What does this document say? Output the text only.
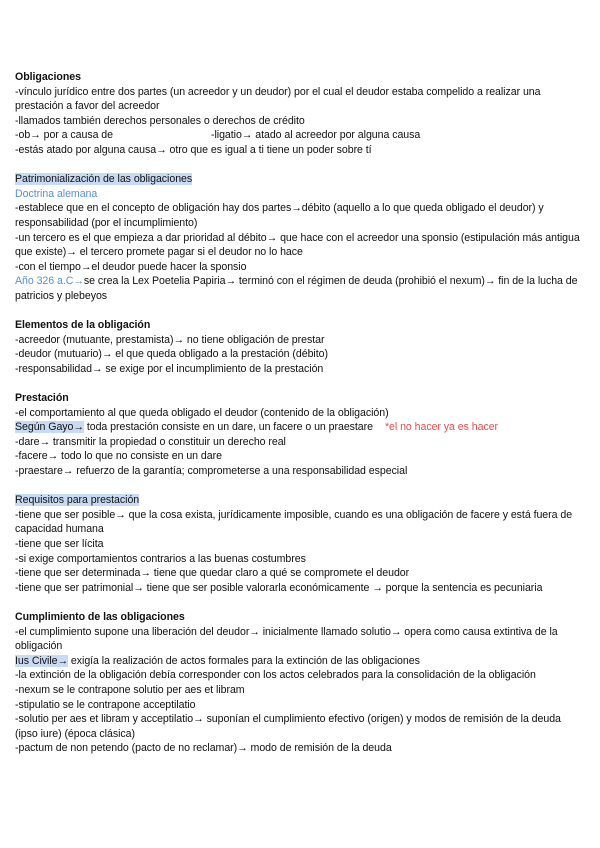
Obligaciones

-vínculo jurídico entre dos partes (un acreedor y un deudor) por el cual el deudor estaba compelido a realizar una prestación a favor del acreedor

-llamados también derechos personales o derechos de crédito

-ob→ por a causa de	-ligatio→ atado al acreedor por alguna causa

-estás atado por alguna causa→ otro que es igual a ti tiene un poder sobre tí

Patrimonialización de las obligaciones

Doctrina alemana

-establece que en el concepto de obligación hay dos partes→débito (aquello a lo que queda obligado el deudor) y responsabilidad (por el incumplimiento)

-un tercero es el que empieza a dar prioridad al débito→ que hace con el acreedor una sponsio (estipulación más antigua que existe)→ el tercero promete pagar si el deudor no lo hace

-con el tiempo→el deudor puede hacer la sponsio

Año 326 a.C→se crea la Lex Poetelia Papiria→ terminó con el régimen de deuda (prohibió el nexum)→ fin de la lucha de patricios y plebeyos

Elementos de la obligación

-acreedor (mutuante, prestamista)→ no tiene obligación de prestar

-deudor (mutuario)→ el que queda obligado a la prestación (débito)

-responsabilidad→ se exige por el incumplimiento de la prestación

Prestación

-el comportamiento al que queda obligado el deudor (contenido de la obligación)

Según Gayo→ toda prestación consiste en un dare, un facere o un praestare *el no hacer ya es hacer

-dare→ transmitir la propiedad o constituir un derecho real

-facere→ todo lo que no consiste en un dare

-praestare→ refuerzo de la garantía; comprometerse a una responsabilidad especial

Requisitos para prestación

-tiene que ser posible→ que la cosa exista, jurídicamente imposible, cuando es una obligación de facere y está fuera de capacidad humana

-tiene que ser lícita

-si exige comportamientos contrarios a las buenas costumbres

-tiene que ser determinada→ tiene que quedar claro a qué se compromete el deudor

-tiene que ser patrimonial→ tiene que ser posible valorarla económicamente → porque la sentencia es pecuniaria

Cumplimiento de las obligaciones

-el cumplimiento supone una liberación del deudor→ inicialmente llamado solutio→ opera como causa extintiva de la obligación

Ius Civile→ exigía la realización de actos formales para la extinción de las obligaciones

-la extinción de la obligación debía corresponder con los actos celebrados para la consolidación de la obligación

-nexum se le contrapone solutio per aes et libram

-stipulatio se le contrapone acceptilatio

-solutio per aes et libram y acceptilatio→ suponían el cumplimiento efectivo (origen) y modos de remisión de la deuda (ipso iure) (época clásica)

-pactum de non petendo (pacto de no reclamar)→ modo de remisión de la deuda
